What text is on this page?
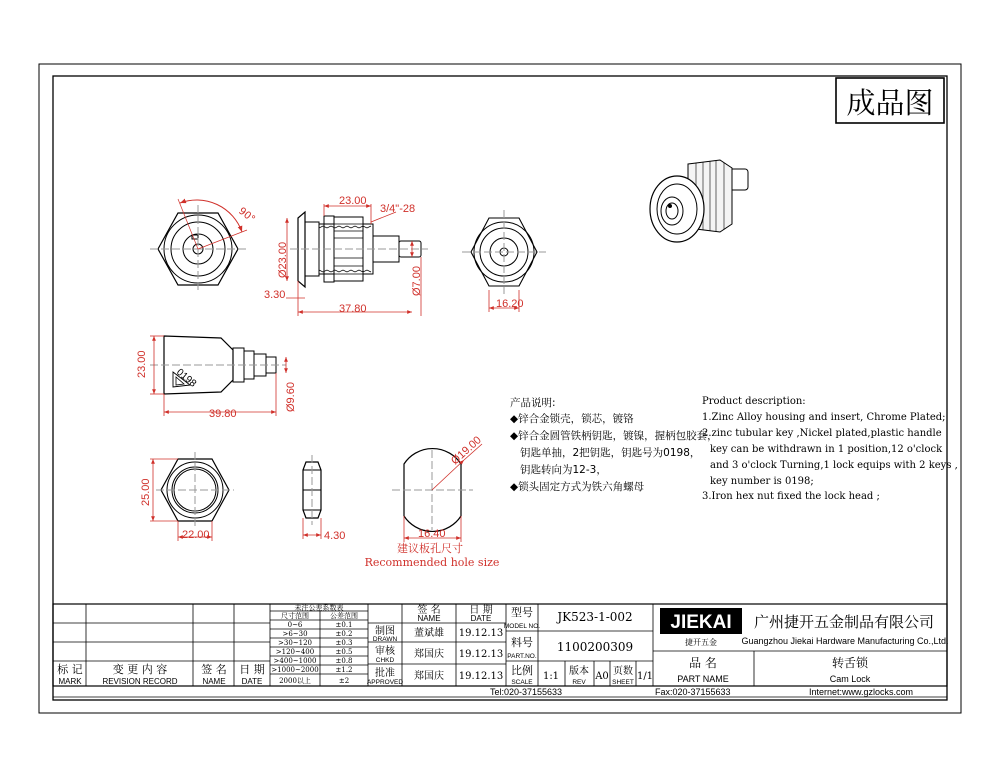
成品图
90°
23.00
3/4"-28
Ø23.00
3.30
37.80
Ø7.00
16.20
0198
23.00
39.80
Ø9.60
25.00
22.00	4.30
Ø19.00
16.40
建议板孔尺寸
Recommended hole size
产品说明:
◆锌合金锁壳，锁芯，镀铬
◆锌合金圆管铁柄钥匙，镀镍，握柄包胶套，
钥匙单抽，2把钥匙，钥匙号为0198，
钥匙转向为12-3，
◆锁头固定方式为铁六角螺母
Product description:
1.Zinc Alloy housing and insert, Chrome Plated;
2.zinc tubular key ,Nickel plated,plastic handle
key can be withdrawn in 1 position,12 o'clock
and 3 o'clock Turning,1 lock equips with 2 keys ,
key number is 0198;
3.Iron hex nut fixed the lock head ;
标 记
MARK
变 更 内 容
REVISION RECORD
签 名
NAME
日 期
DATE
未注公差系数表
尺寸范围	公差范围
0~6	±0.1
>6~30	±0.2
>30~120	±0.3
>120~400	±0.5
>400~1000	±0.8
>1000~2000 ±1.2
2000以上	±2
签 名
NAME
日 期
DATE
制图
DRAWN
董斌雄 19.12.13
审核
CHKD
郑国庆 19.12.13
批准
APPROVED
郑国庆 19.12.13
型号
MODEL NO.
JK523-1-002
料号
PART.NO.
1100200309
比例
SCALE
1:1 版本
REV
A0 页数
SHEET
1/1
JIEKAI 广州捷开五金制品有限公司
捷开五金	Guangzhou Jiekai Hardware Manufacturing Co.,Ltd.
品 名
PART NAME
转舌锁
Cam Lock
Tel:020-37155633	Fax:020-37155633	Internet:www.gzlocks.com
